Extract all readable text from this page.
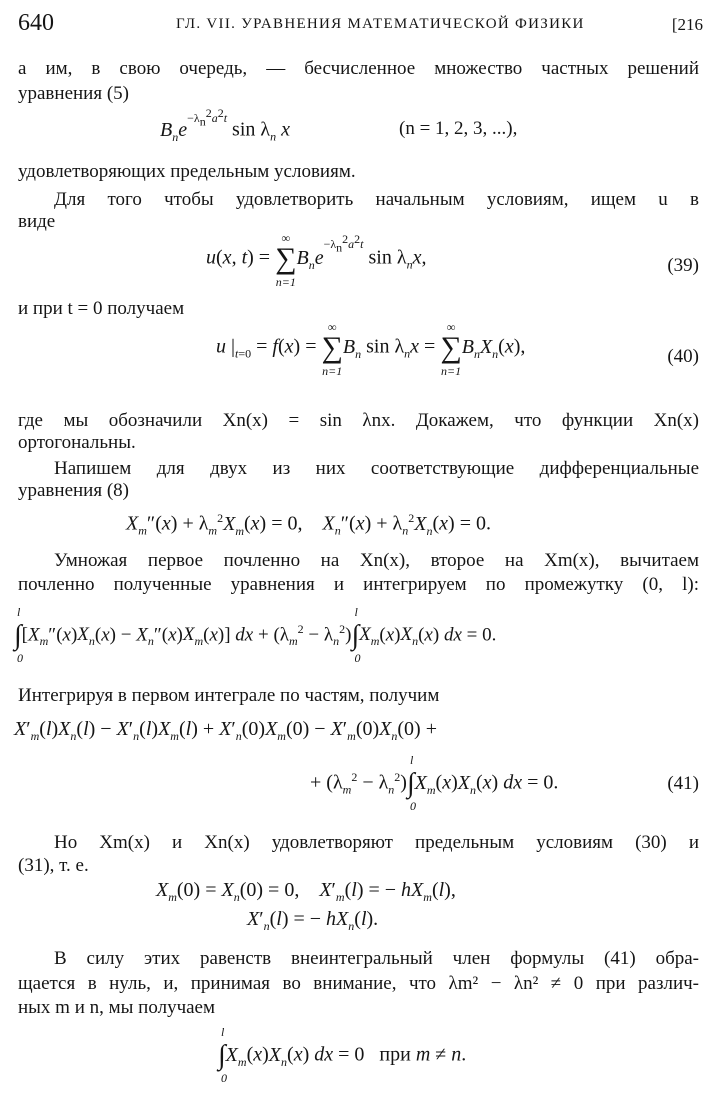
640	ГЛ. VII. УРАВНЕНИЯ МАТЕМАТИЧЕСКОЙ ФИЗИКИ	[216
а им, в свою очередь, — бесчисленное множество частных решений
уравнения (5)
$B_ne^{-\lambda_n^2a^2t}$ $\sin \lambda_n$ x	(n = 1, 2, 3, ...),
удовлетворяющих предельным условиям.
Для того чтобы удовлетворить начальным условиям, ищем u в
виде
u(x, t) = ∑
∞
n=1
$B_ne^{-\lambda_n^2a^2t}$ $\sin \lambda_nx$,	(39)
и при t = 0 получаем
u $|_{t=0} = f(x)$ = ∑
∞
n=1
$B_n$ $\sin \lambda_nx$ = ∑
∞
n=1
$B_nX_n(x)$,	(40)
где мы обозначили Xn(x) = sin λnx. Докажем, что функции Xn(x)
ортогональны.
Напишем для двух из них соответствующие дифференциальные
уравнения (8)
$X_m''(x) + \lambda_m^2X_m(x) = 0$,    $X_n''(x) + \lambda_n^2X_n(x) = 0$.
Умножая первое почленно на Xn(x), второе на Xm(x), вычитаем
почленно полученные уравнения и интегрируем по промежутку (0, l):
∫
l
0
$[X_m''(x)X_n(x) - X_n''(x)X_m(x)]$ dx + $(\lambda_m^2 - \lambda_n^2)\int$
l
0
$X_m(x)X_n(x)$ dx = 0.
Интегрируя в первом интеграле по частям, получим
$X'_m(l)X_n(l) - X'_n(l)X_m(l) + X'_n(0)X_m(0) - X'_m(0)X_n(0)$ +
+ $(\lambda_m^2 - \lambda_n^2)\int$
l
0
$X_m(x)X_n(x)$ dx = 0.	(41)
Но Xm(x) и Xn(x) удовлетворяют предельным условиям (30) и
(31), т. е.
$X_m(0) = X_n(0) = 0$,    $X'_m(l)$ = − $hX_m(l)$,
$X'_n(l)$ = − $hX_n(l)$.
В силу этих равенств внеинтегральный член формулы (41) обра-
щается в нуль, и, принимая во внимание, что λm² − λn² ≠ 0 при различ-
ных m и n, мы получаем
∫
l
0
$X_m(x)X_n(x)$ dx = 0   при m ≠ n.
